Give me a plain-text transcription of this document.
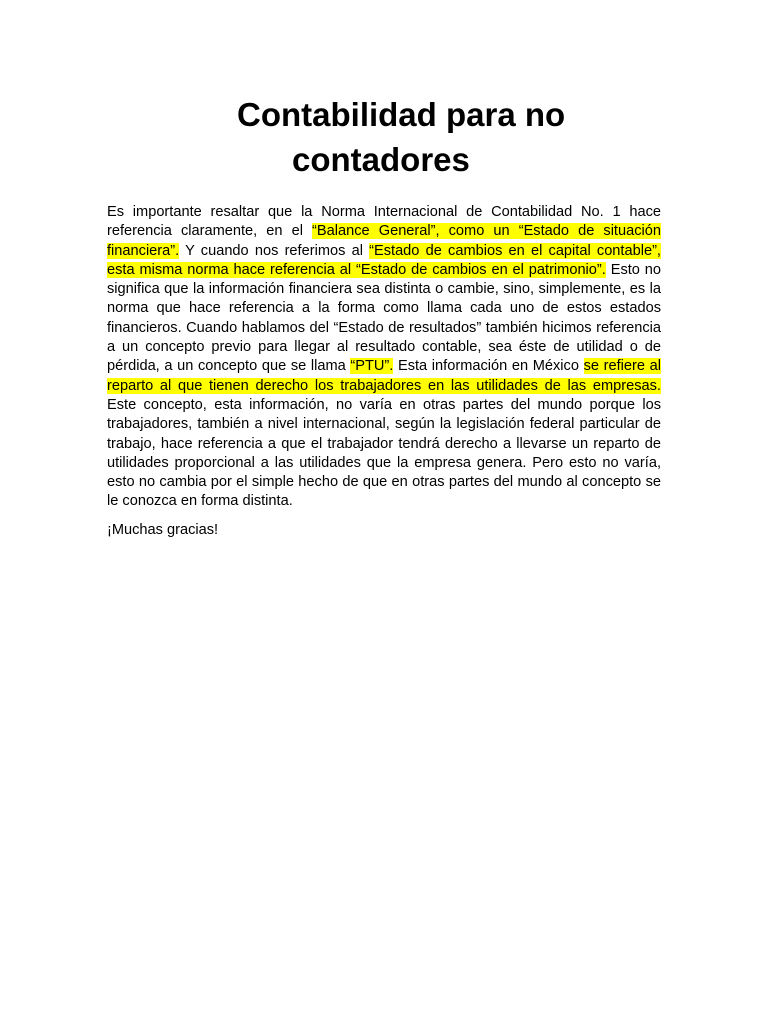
Contabilidad para no
contadores

Es importante resaltar que la Norma Internacional de Contabilidad No. 1 hace referencia claramente, en el “Balance General”, como un “Estado de situación financiera”. Y cuando nos referimos al “Estado de cambios en el capital contable”, esta misma norma hace referencia al “Estado de cambios en el patrimonio”. Esto no significa que la información financiera sea distinta o cambie, sino, simplemente, es la norma que hace referencia a la forma como llama cada uno de estos estados financieros. Cuando hablamos del “Estado de resultados” también hicimos referencia a un concepto previo para llegar al resultado contable, sea éste de utilidad o de pérdida, a un concepto que se llama “PTU”. Esta información en México se refiere al reparto al que tienen derecho los trabajadores en las utilidades de las empresas. Este concepto, esta información, no varía en otras partes del mundo porque los trabajadores, también a nivel internacional, según la legislación federal particular de trabajo, hace referencia a que el trabajador tendrá derecho a llevarse un reparto de utilidades proporcional a las utilidades que la empresa genera. Pero esto no varía, esto no cambia por el simple hecho de que en otras partes del mundo al concepto se le conozca en forma distinta.

¡Muchas gracias!
